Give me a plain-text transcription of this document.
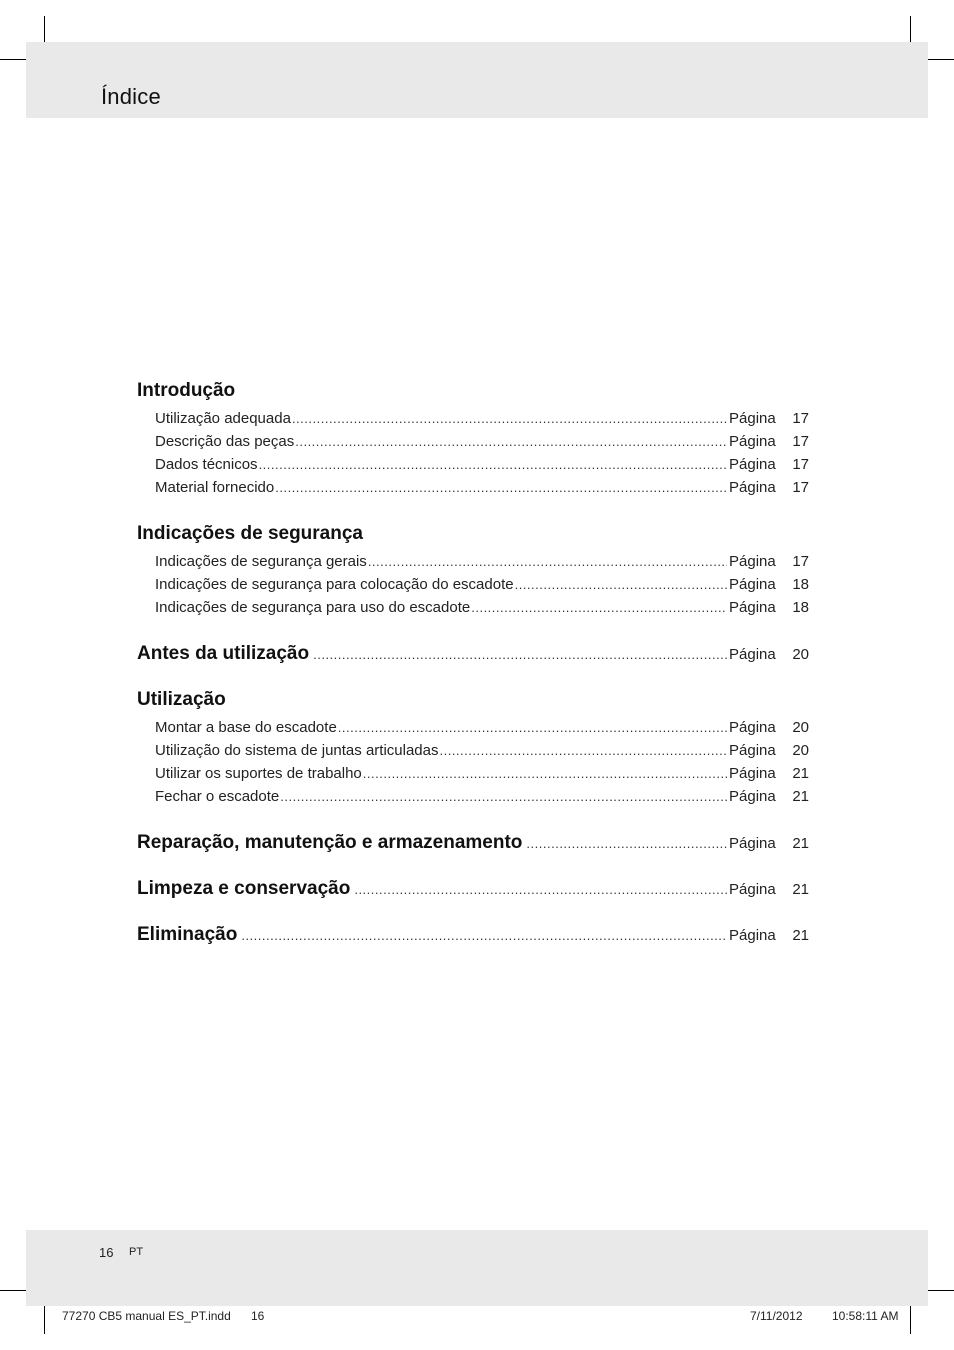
Índice
Introdução
Utilização adequada .....	Página	17
Descrição das peças .....	Página	17
Dados técnicos .....	Página	17
Material fornecido .....	Página	17
Indicações de segurança
Indicações de segurança gerais .....	Página	17
Indicações de segurança para colocação do escadote .....	Página	18
Indicações de segurança para uso do escadote .....	Página	18
Antes da utilização .....	Página	20
Utilização
Montar a base do escadote .....	Página	20
Utilização do sistema de juntas articuladas .....	Página	20
Utilizar os suportes de trabalho .....	Página	21
Fechar o escadote .....	Página	21
Reparação, manutenção e armazenamento .....	Página	21
Limpeza e conservação .....	Página	21
Eliminação .....	Página	21
16 PT
77270 CB5 manual ES_PT.indd 16	7/11/2012 10:58:11 AM
